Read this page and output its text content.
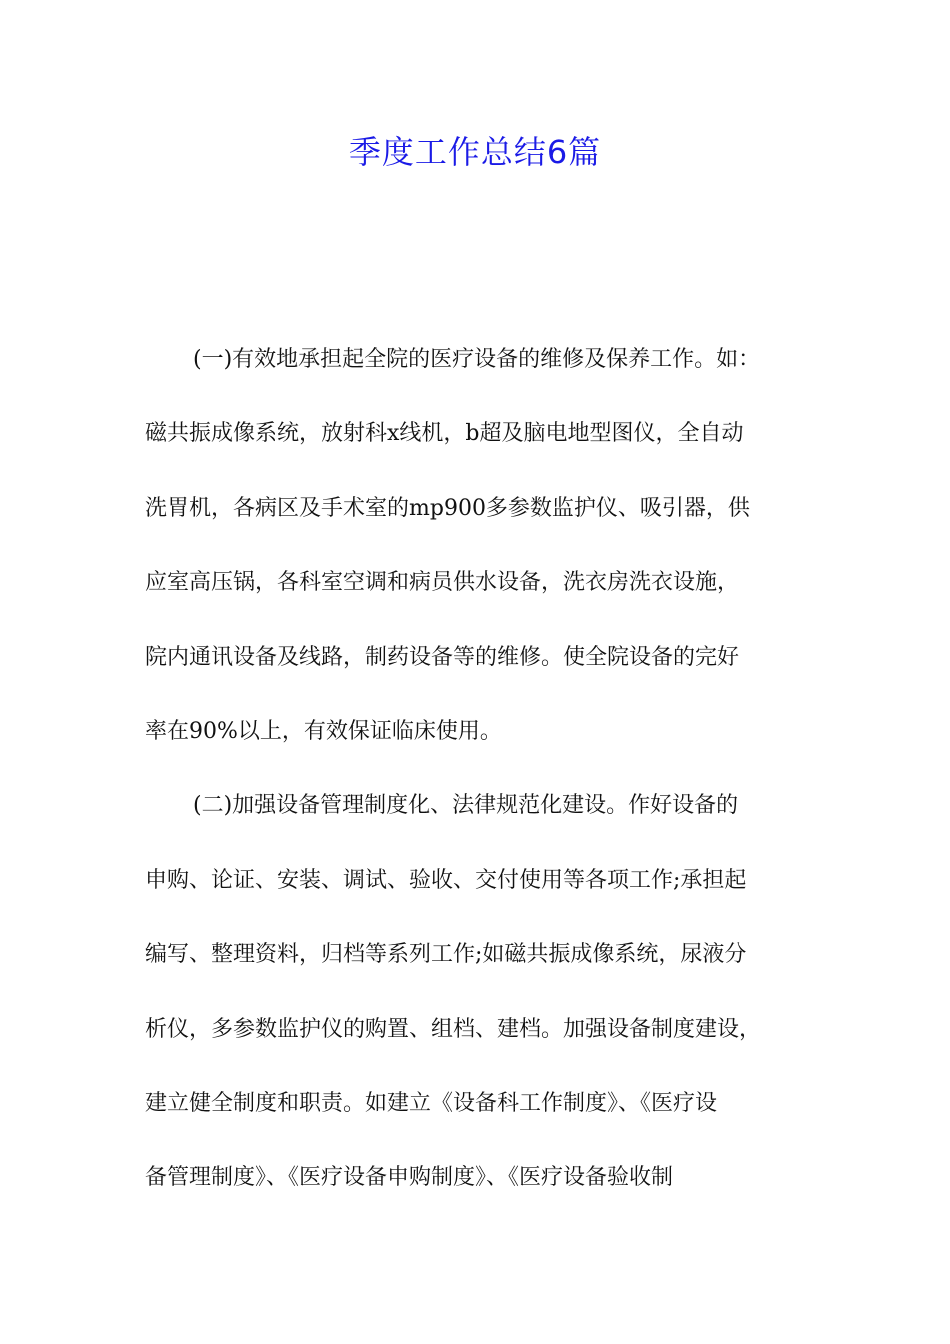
季度工作总结6篇
(一)有效地承担起全院的医疗设备的维修及保养工作。如：
磁共振成像系统，放射科x线机，b超及脑电地型图仪，全自动
洗胃机，各病区及手术室的mp900多参数监护仪、吸引器，供
应室高压锅，各科室空调和病员供水设备，洗衣房洗衣设施，
院内通讯设备及线路，制药设备等的维修。使全院设备的完好
率在90%以上，有效保证临床使用。
(二)加强设备管理制度化、法律规范化建设。作好设备的
申购、论证、安装、调试、验收、交付使用等各项工作;承担起
编写、整理资料，归档等系列工作;如磁共振成像系统，尿液分
析仪，多参数监护仪的购置、组档、建档。加强设备制度建设，
建立健全制度和职责。如建立《设备科工作制度》、《医疗设
备管理制度》、《医疗设备申购制度》、《医疗设备验收制
